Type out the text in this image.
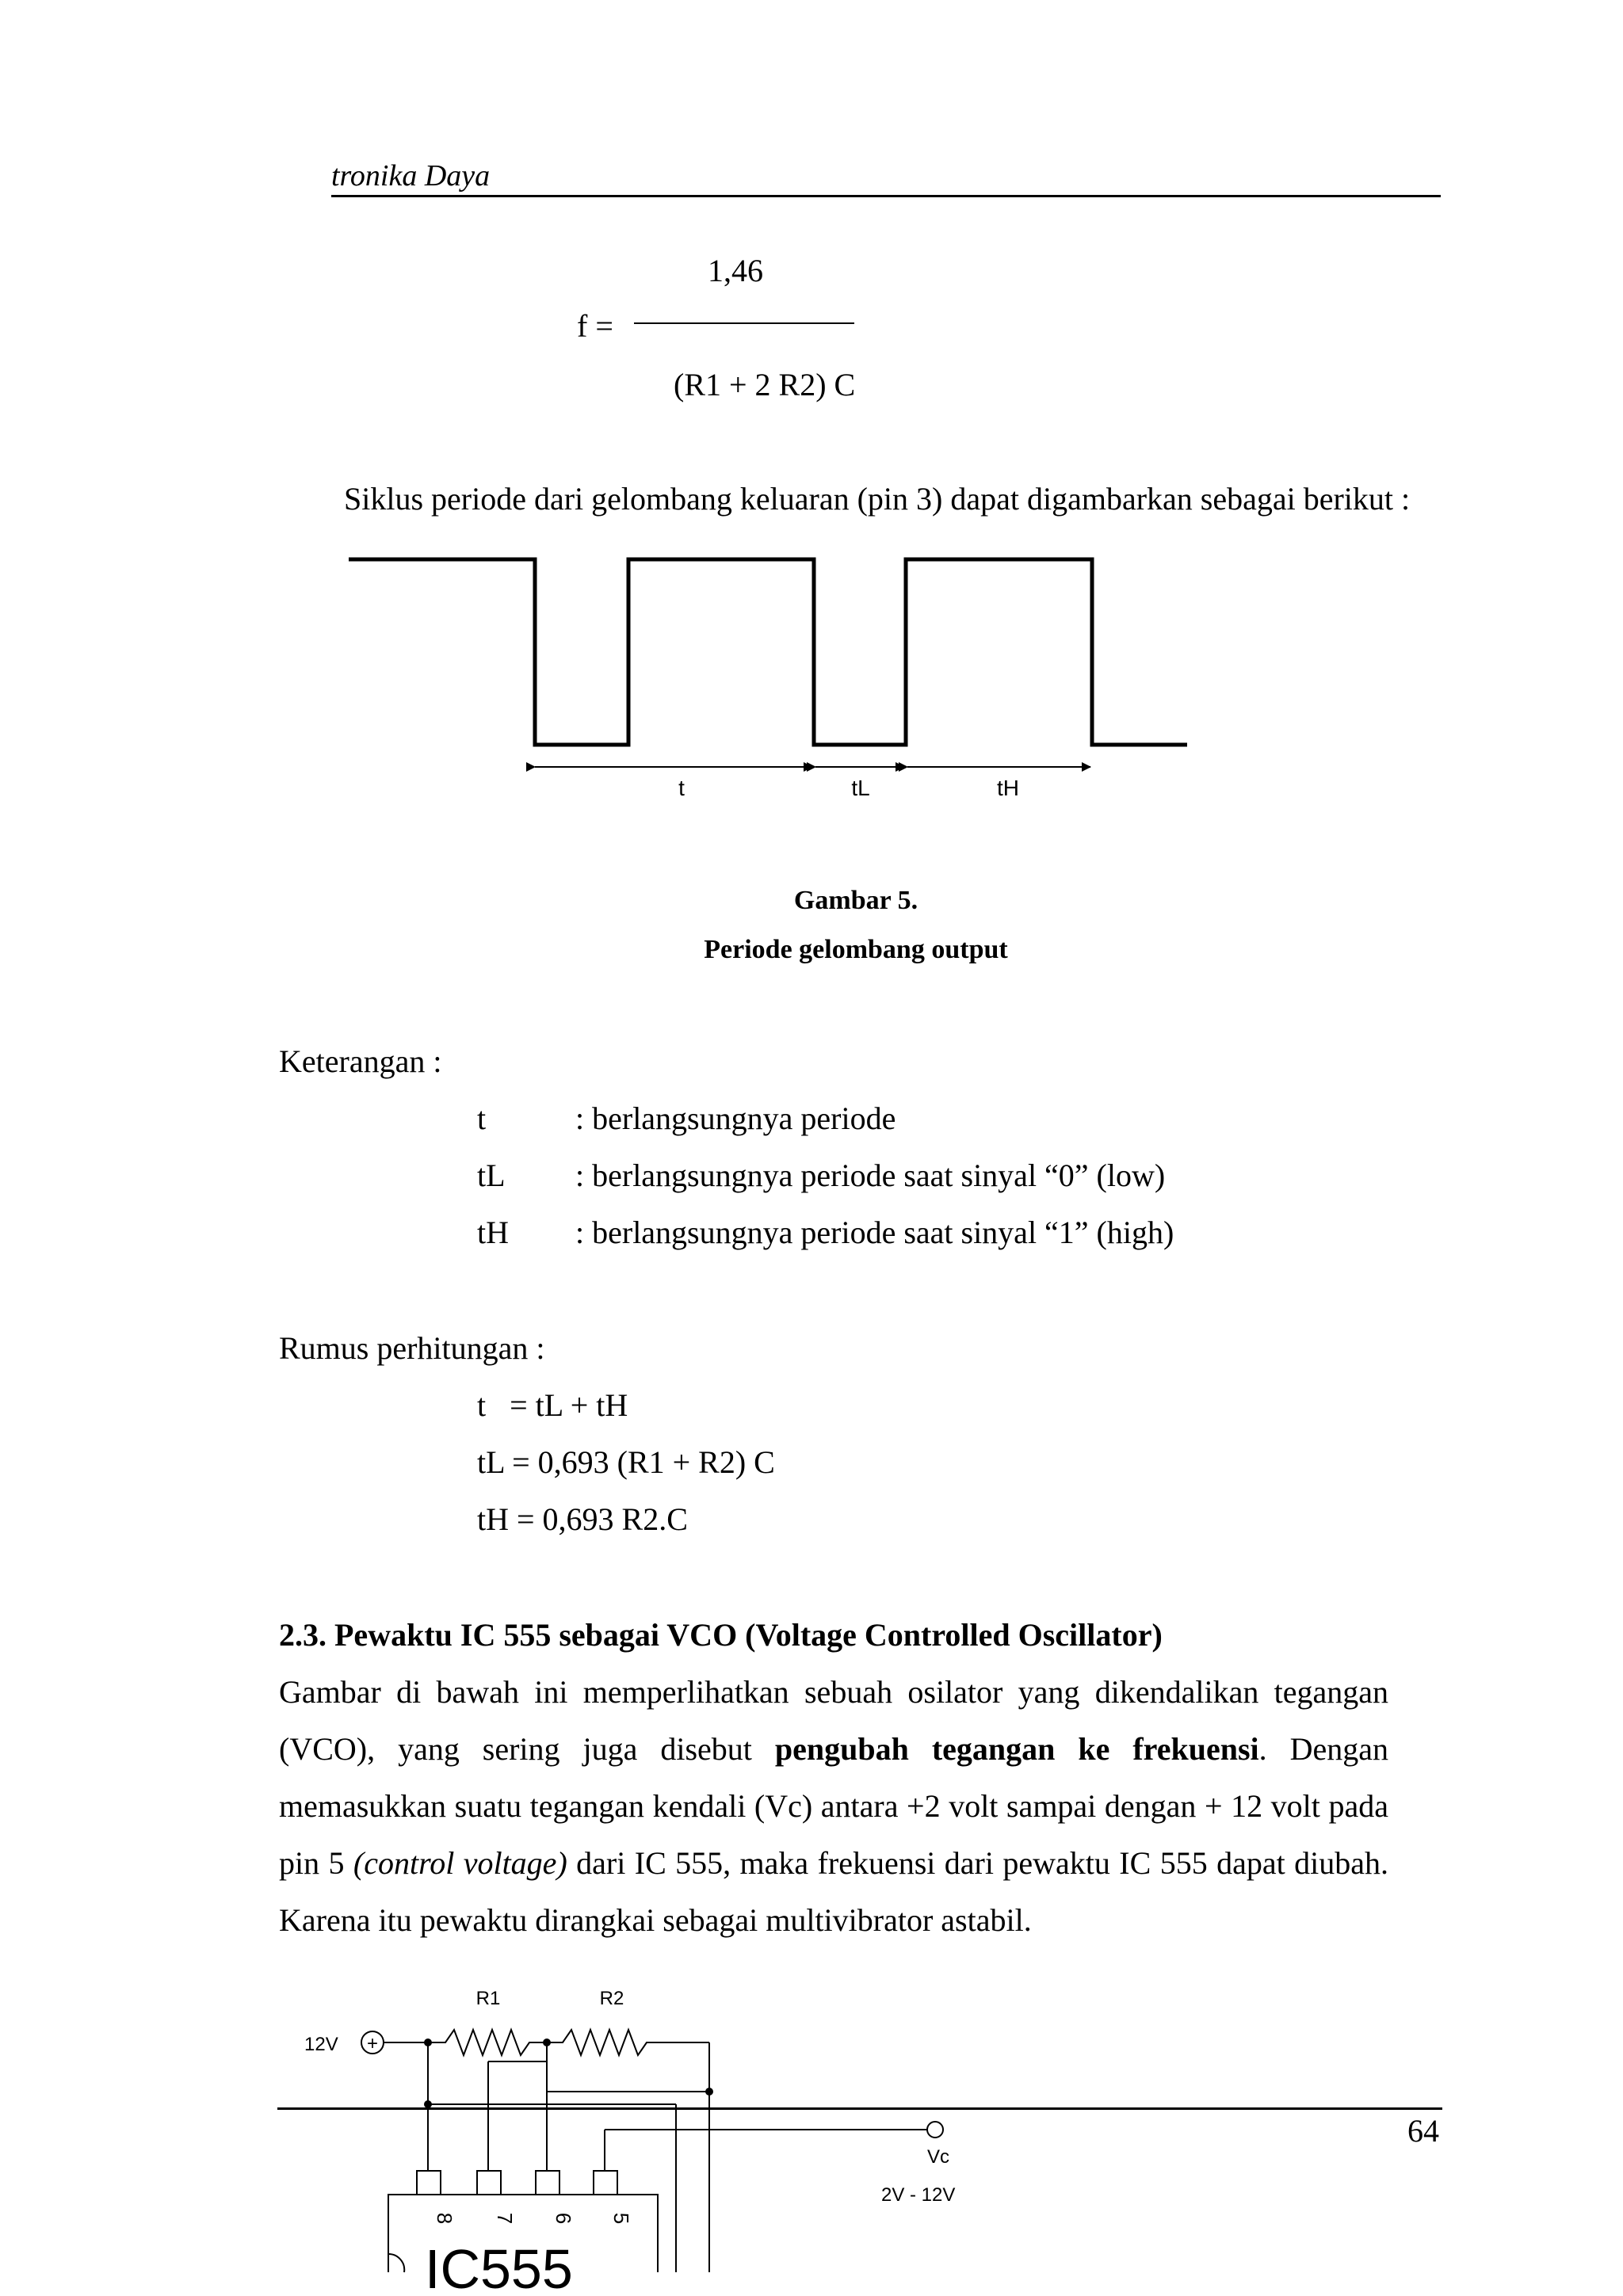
tronika Daya
1,46
f =
(R1 + 2 R2) C
Siklus periode dari gelombang keluaran (pin 3) dapat digambarkan sebagai berikut :
t	tL	tH
Gambar 5.
Periode gelombang output
Keterangan :
t	: berlangsungnya periode
tL : berlangsungnya periode saat sinyal “0” (low)
tH : berlangsungnya periode saat sinyal “1” (high)
Rumus perhitungan :
t   = tL + tH
tL = 0,693 (R1 + R2) C
tH = 0,693 R2.C
2.3. Pewaktu IC 555 sebagai VCO (Voltage Controlled Oscillator)
Gambar di bawah ini memperlihatkan sebuah osilator yang dikendalikan tegangan (VCO), yang sering juga disebut pengubah tegangan ke frekuensi. Dengan memasukkan suatu tegangan kendali (Vc) antara +2 volt sampai dengan + 12 volt pada pin 5 (control voltage) dari IC 555, maka frekuensi dari pewaktu IC 555 dapat diubah. Karena itu pewaktu dirangkai sebagai multivibrator astabil.
+
12V
R1	R2
Vc
2V - 12V
8 7 6 5
IC555
64
